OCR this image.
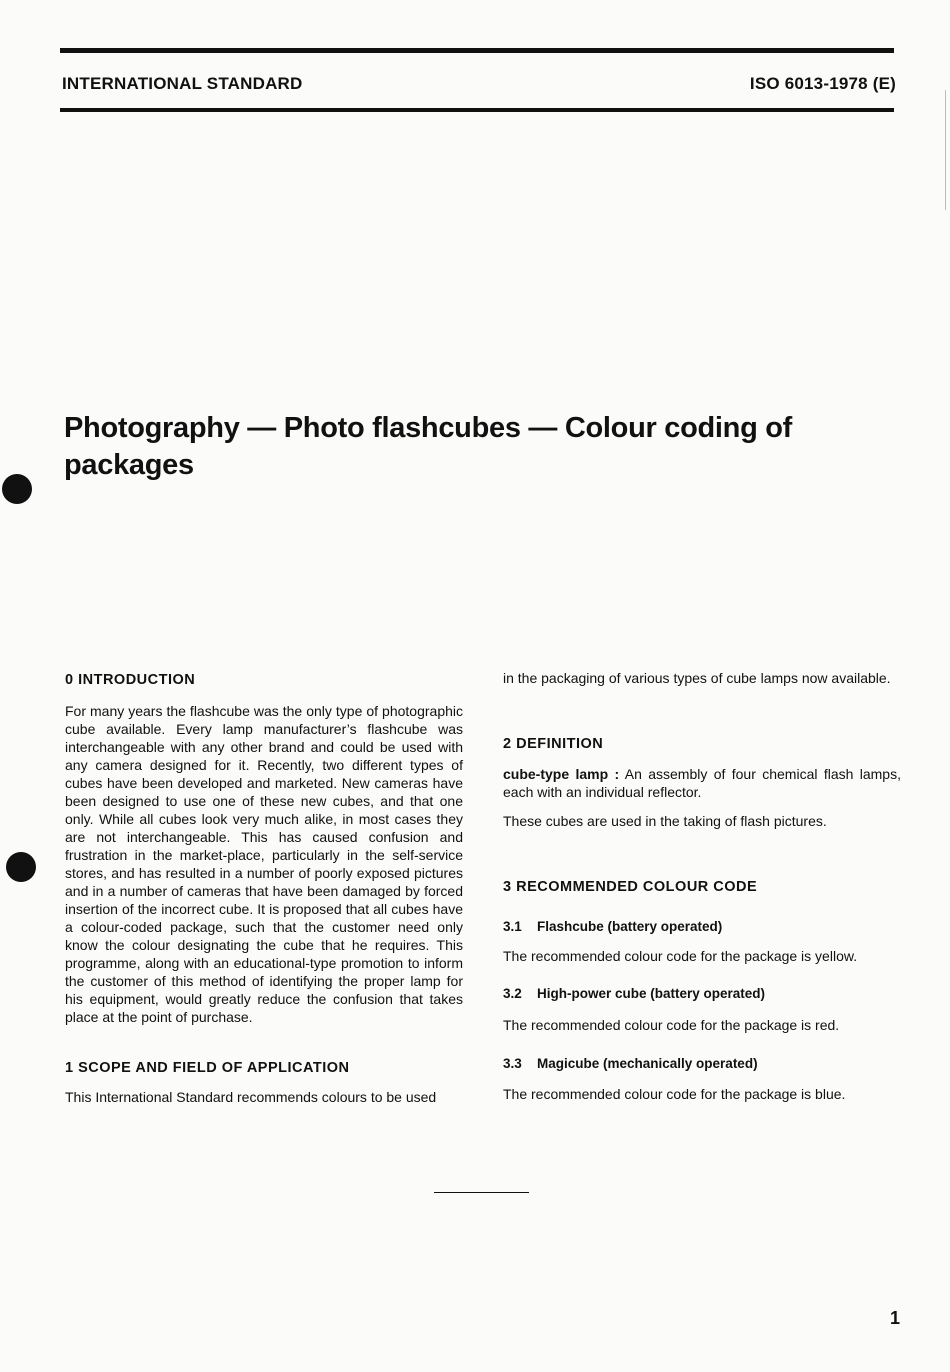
INTERNATIONAL STANDARD	ISO 6013-1978 (E)
Photography — Photo flashcubes — Colour coding of packages
0 INTRODUCTION

For many years the flashcube was the only type of photographic cube available. Every lamp manufacturer’s flashcube was interchangeable with any other brand and could be used with any camera designed for it. Recently, two different types of cubes have been developed and marketed. New cameras have been designed to use one of these new cubes, and that one only. While all cubes look very much alike, in most cases they are not interchangeable. This has caused confusion and frustration in the market-place, particularly in the self-service stores, and has resulted in a number of poorly exposed pictures and in a number of cameras that have been damaged by forced insertion of the incorrect cube. It is proposed that all cubes have a colour-coded package, such that the customer need only know the colour designating the cube that he requires. This programme, along with an educational-type promotion to inform the customer of this method of identifying the proper lamp for his equipment, would greatly reduce the confusion that takes place at the point of purchase.

1 SCOPE AND FIELD OF APPLICATION

This International Standard recommends colours to be used

in the packaging of various types of cube lamps now available.

2 DEFINITION

cube-type lamp : An assembly of four chemical flash lamps, each with an individual reflector.

These cubes are used in the taking of flash pictures.

3 RECOMMENDED COLOUR CODE
3.1 Flashcube (battery operated)

The recommended colour code for the package is yellow.

3.2 High-power cube (battery operated)

The recommended colour code for the package is red.

3.3 Magicube (mechanically operated)

The recommended colour code for the package is blue.

1
